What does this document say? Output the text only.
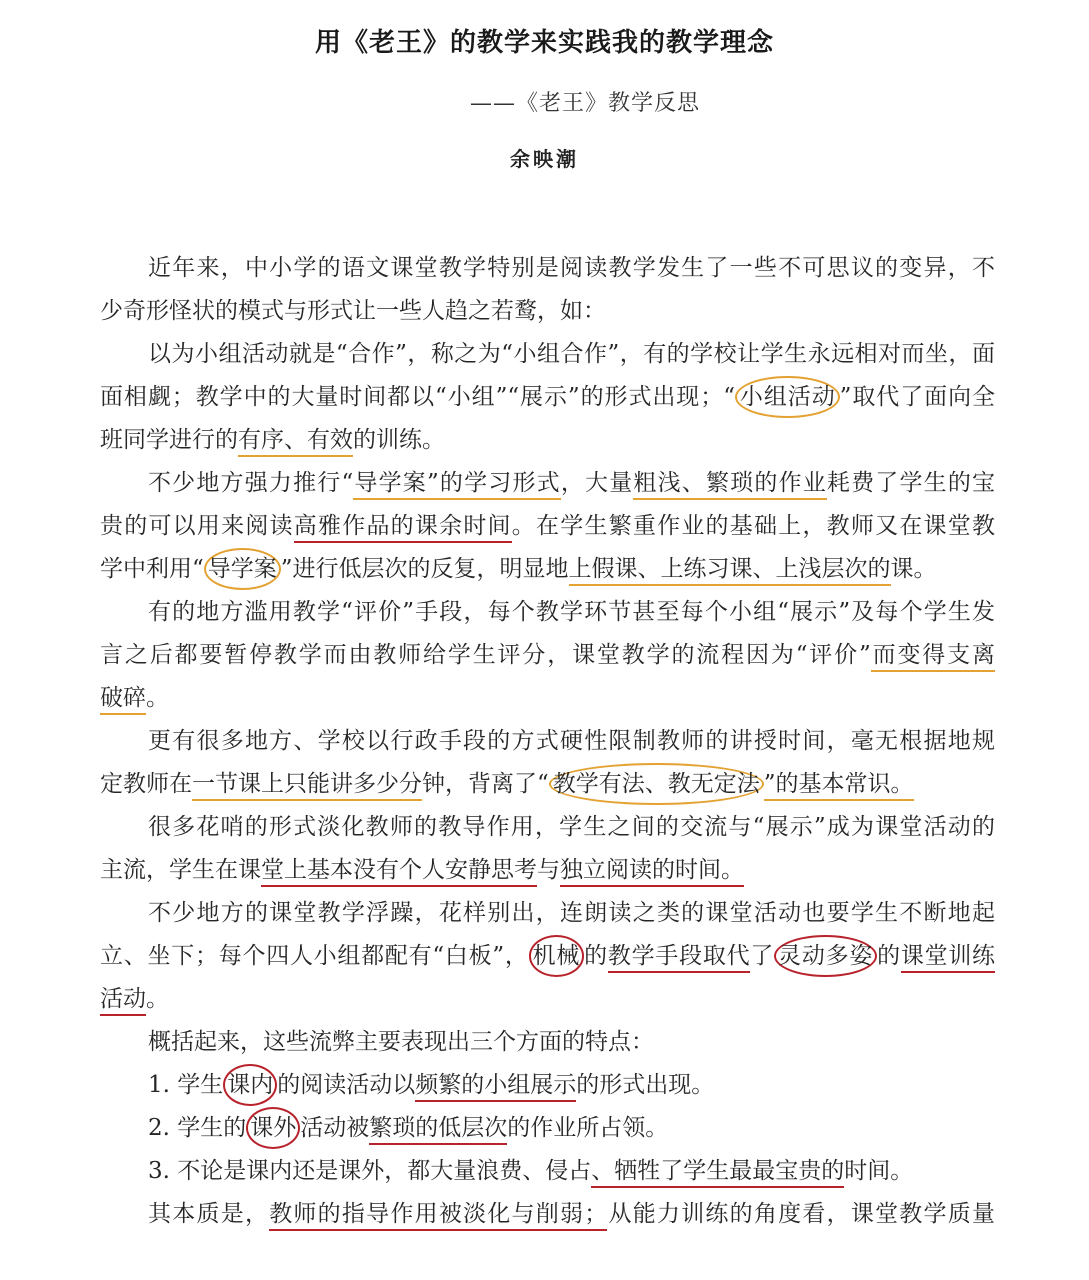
用《老王》的教学来实践我的教学理念
——《老王》教学反思
余映潮
近年来，中小学的语文课堂教学特别是阅读教学发生了一些不可思议的变异，不
少奇形怪状的模式与形式让一些人趋之若鹜，如：
以为小组活动就是“合作”，称之为“小组合作”，有的学校让学生永远相对而坐，面
面相觑；教学中的大量时间都以“小组”“展示”的形式出现；“ 小组活动 ”取代了面向全
班同学进行的有序、有效的训练。
不少地方强力推行“导学案”的学习形式，大量粗浅、繁琐的作业耗费了学生的宝
贵的可以用来阅读高雅作品的课余时间。在学生繁重作业的基础上，教师又在课堂教
学中利用“ 导学案 ”进行低层次的反复，明显地上假课、上练习课、上浅层次的课。
有的地方滥用教学“评价”手段，每个教学环节甚至每个小组“展示”及每个学生发
言之后都要暂停教学而由教师给学生评分，课堂教学的流程因为“评价”而变得支离
破碎。
更有很多地方、学校以行政手段的方式硬性限制教师的讲授时间，毫无根据地规
定教师在一节课上只能讲多少分钟，背离了“ 教学有法、教无定法 ”的基本常识。
很多花哨的形式淡化教师的教导作用，学生之间的交流与“展示”成为课堂活动的
主流，学生在课堂上基本没有个人安静思考与独立阅读的时间。
不少地方的课堂教学浮躁，花样别出，连朗读之类的课堂活动也要学生不断地起
立、坐下；每个四人小组都配有“白板”， 机械 的教学手段取代了 灵动多姿 的课堂训练
活动。
概括起来，这些流弊主要表现出三个方面的特点：
1. 学生 课内 的阅读活动以频繁的小组展示的形式出现。
2. 学生的 课外 活动被繁琐的低层次的作业所占领。
3. 不论是课内还是课外，都大量浪费、侵占、牺牲了学生最最宝贵的时间。
其本质是，教师的指导作用被淡化与削弱；从能力训练的角度看，课堂教学质量
